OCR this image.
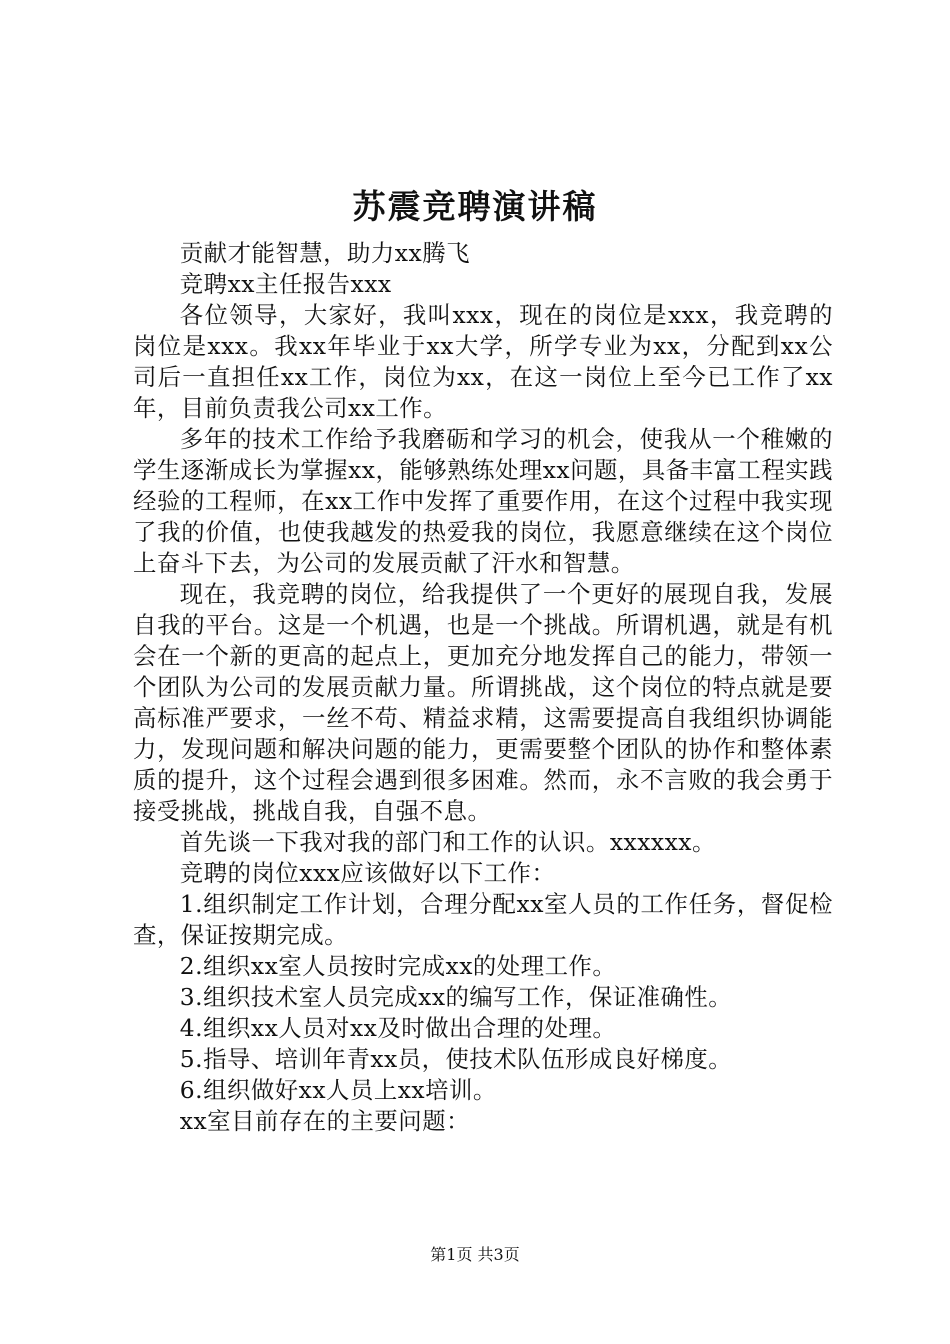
苏震竞聘演讲稿

贡献才能智慧，助力xx腾飞

竞聘xx主任报告xxx

各位领导，大家好，我叫xxx，现在的岗位是xxx，我竞聘的岗位是xxx。我xx年毕业于xx大学，所学专业为xx，分配到xx公司后一直担任xx工作，岗位为xx，在这一岗位上至今已工作了xx年，目前负责我公司xx工作。

多年的技术工作给予我磨砺和学习的机会，使我从一个稚嫩的学生逐渐成长为掌握xx，能够熟练处理xx问题，具备丰富工程实践经验的工程师，在xx工作中发挥了重要作用，在这个过程中我实现了我的价值，也使我越发的热爱我的岗位，我愿意继续在这个岗位上奋斗下去，为公司的发展贡献了汗水和智慧。

现在，我竞聘的岗位，给我提供了一个更好的展现自我，发展自我的平台。这是一个机遇，也是一个挑战。所谓机遇，就是有机会在一个新的更高的起点上，更加充分地发挥自己的能力，带领一个团队为公司的发展贡献力量。所谓挑战，这个岗位的特点就是要高标准严要求，一丝不苟、精益求精，这需要提高自我组织协调能力，发现问题和解决问题的能力，更需要整个团队的协作和整体素质的提升，这个过程会遇到很多困难。然而，永不言败的我会勇于接受挑战，挑战自我，自强不息。

首先谈一下我对我的部门和工作的认识。xxxxxx。

竞聘的岗位xxx应该做好以下工作：

1.组织制定工作计划，合理分配xx室人员的工作任务，督促检查，保证按期完成。

2.组织xx室人员按时完成xx的处理工作。

3.组织技术室人员完成xx的编写工作，保证准确性。

4.组织xx人员对xx及时做出合理的处理。

5.指导、培训年青xx员，使技术队伍形成良好梯度。

6.组织做好xx人员上xx培训。

xx室目前存在的主要问题：

第1页 共3页
